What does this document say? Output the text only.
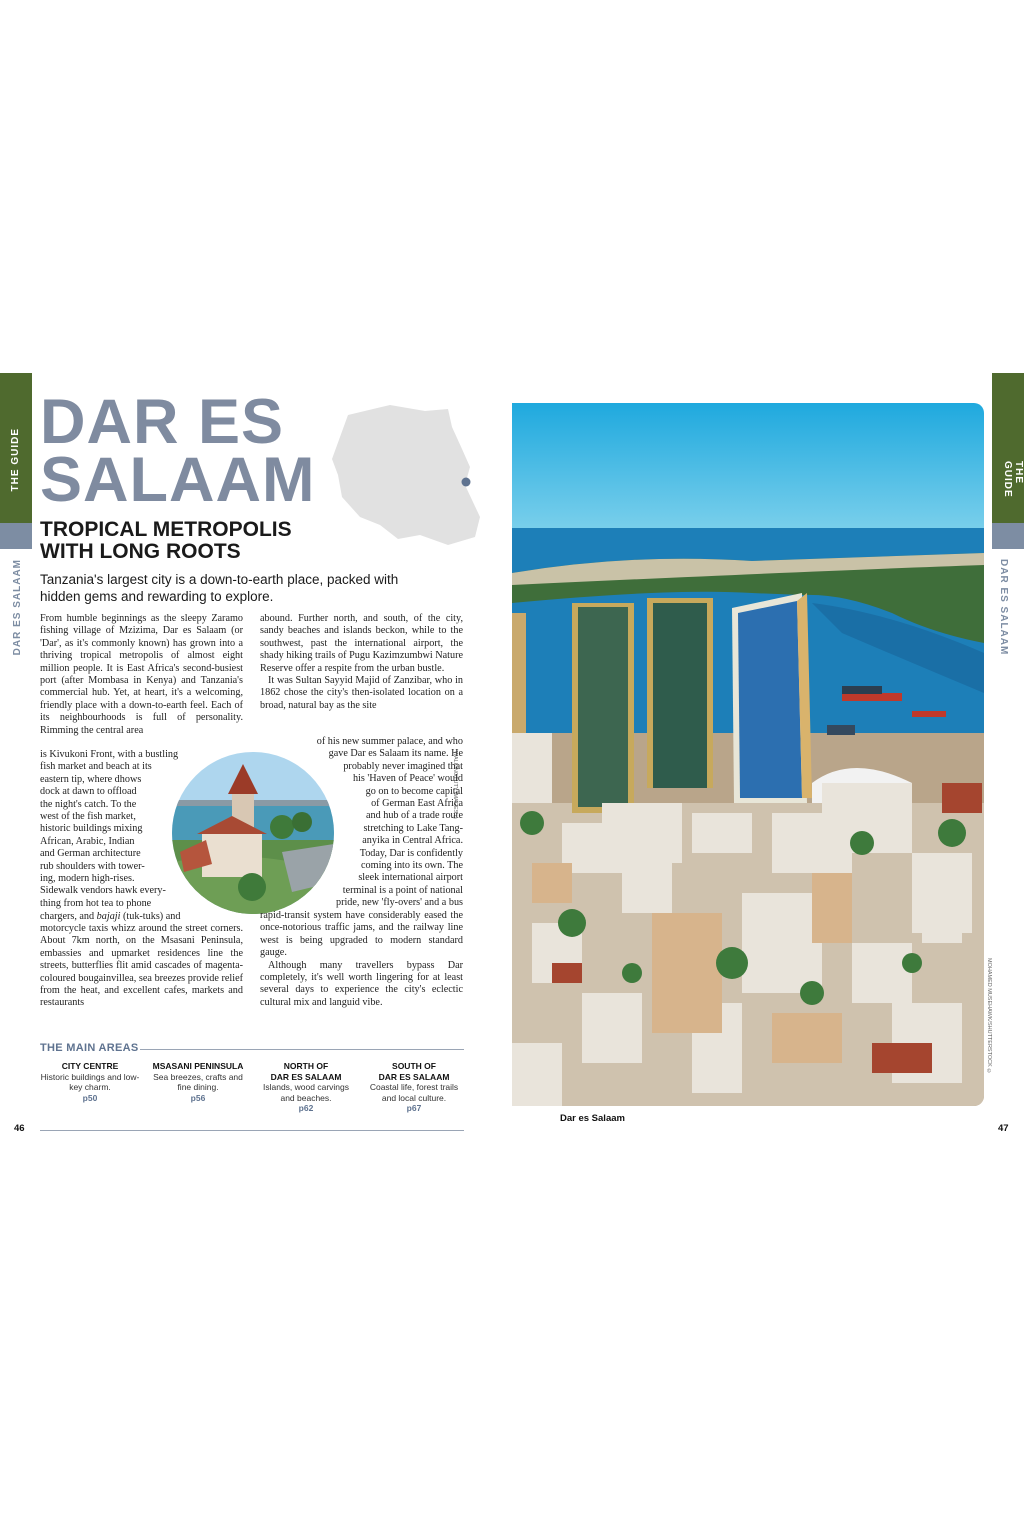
THE GUIDE
DAR ES SALAAM
THE GUIDE
DAR ES SALAAM
DAR ES
SALAAM
TROPICAL METROPOLIS
WITH LONG ROOTS
Tanzania's largest city is a down-to-earth place, packed with hidden gems and rewarding to explore.

From humble beginnings as the sleepy Zaramo fishing village of Mzizima, Dar es Salaam (or 'Dar', as it's commonly known) has grown into a thriving tropical metropolis of almost eight million people. It is East Africa's second-busiest port (after Mombasa in Kenya) and Tanzania's commercial hub. Yet, at heart, it's a welcoming, friendly place with a down-to-earth feel. Each of its neighbourhoods is full of personality. Rimming the central area

is Kivukoni Front, with a bustling
fish market and beach at its
eastern tip, where dhows
dock at dawn to offload
the night's catch. To the
west of the fish market,
historic buildings mixing
African, Arabic, Indian
and German architecture
rub shoulders with tower-
ing, modern high-rises.
Sidewalk vendors hawk every-
thing from hot tea to phone
chargers, and bajaji (tuk-tuks) and

motorcycle taxis whizz around the street corners. About 7km north, on the Msasani Peninsula, embassies and upmarket residences line the streets, butterflies flit amid cascades of magenta-coloured bougainvillea, sea breezes provide relief from the heat, and excellent cafes, markets and restaurants

WALKINGTUTY IMAGES ©

abound. Further north, and south, of the city, sandy beaches and islands beckon, while to the southwest, past the international airport, the shady hiking trails of Pugu Kazimzumbwi Nature Reserve offer a respite from the urban bustle.

It was Sultan Sayyid Majid of Zanzibar, who in 1862 chose the city's then-isolated location on a broad, natural bay as the site

of his new summer palace, and who
gave Dar es Salaam its name. He
probably never imagined that
his 'Haven of Peace' would
go on to become capital
of German East Africa
and hub of a trade route
stretching to Lake Tang-
anyika in Central Africa.
Today, Dar is confidently
coming into its own. The
sleek international airport
terminal is a point of national
pride, new 'fly-overs' and a bus

rapid-transit system have considerably eased the once-notorious traffic jams, and the railway line west is being upgraded to modern standard gauge.

Although many travellers bypass Dar completely, it's well worth lingering for at least several days to experience the city's eclectic cultural mix and languid vibe.

THE MAIN AREAS
CITY CENTRE
Historic buildings and low-key charm.
p50
MSASANI PENINSULA
Sea breezes, crafts and fine dining.
p56
NORTH OF
DAR ES SALAAM
Islands, wood carvings and beaches.
p62
SOUTH OF
DAR ES SALAAM
Coastal life, forest trails and local culture.
p67
46	47
MOHAMED MUSEHAWK/SHUTTERSTOCK ©
Dar es Salaam
